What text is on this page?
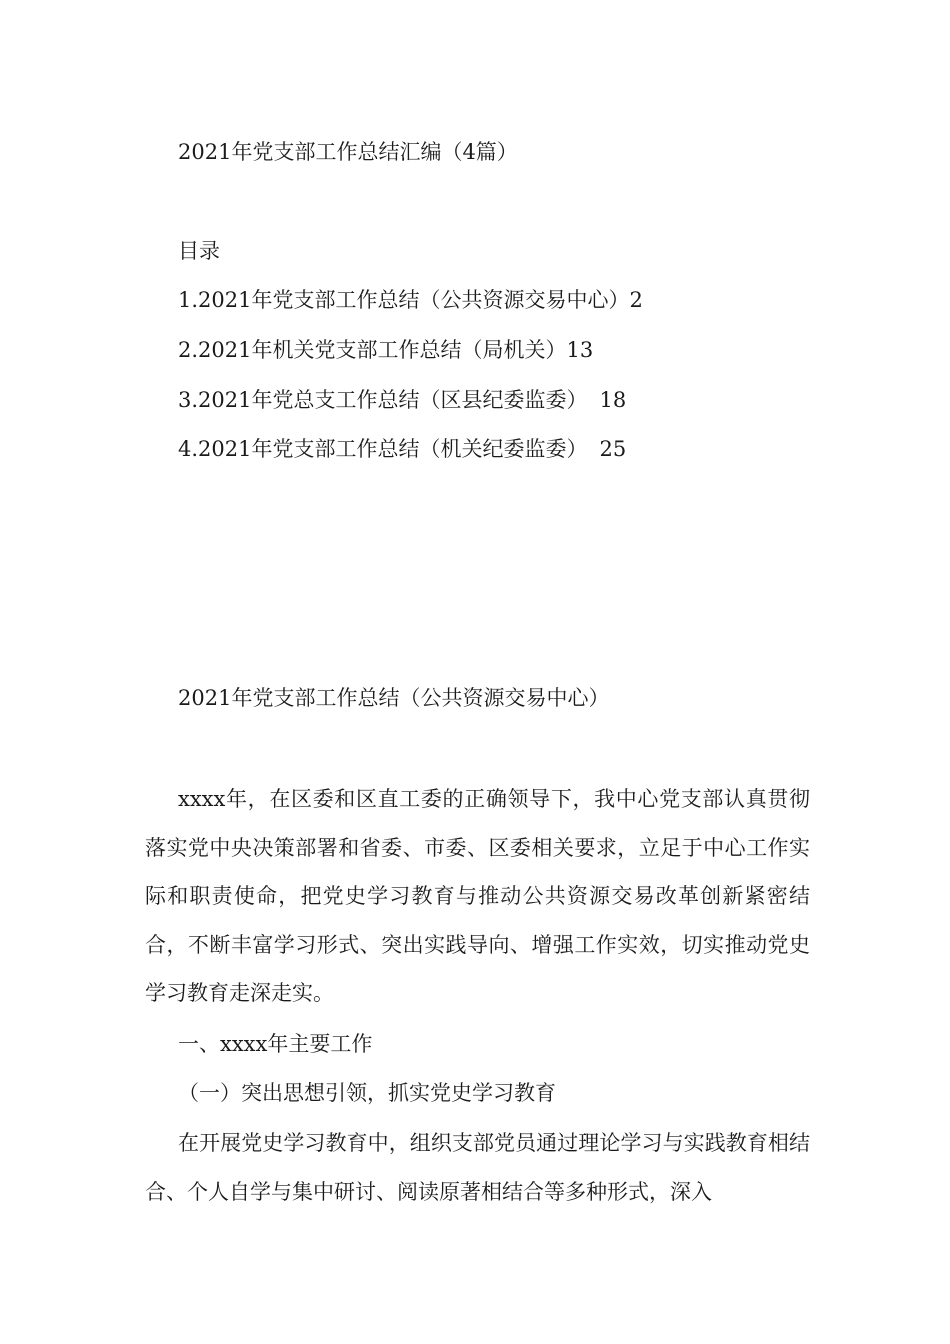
2021年党支部工作总结汇编（4篇）
目录
1.2021年党支部工作总结（公共资源交易中心）2
2.2021年机关党支部工作总结（局机关）13
3.2021年党总支工作总结（区县纪委监委） 18
4.2021年党支部工作总结（机关纪委监委） 25
2021年党支部工作总结（公共资源交易中心）

xxxx年，在区委和区直工委的正确领导下，我中心党支部认真贯彻落实党中央决策部署和省委、市委、区委相关要求，立足于中心工作实际和职责使命，把党史学习教育与推动公共资源交易改革创新紧密结合，不断丰富学习形式、突出实践导向、增强工作实效，切实推动党史学习教育走深走实。

一、xxxx年主要工作
（一）突出思想引领，抓实党史学习教育

在开展党史学习教育中，组织支部党员通过理论学习与实践教育相结合、个人自学与集中研讨、阅读原著相结合等多种形式，深入
